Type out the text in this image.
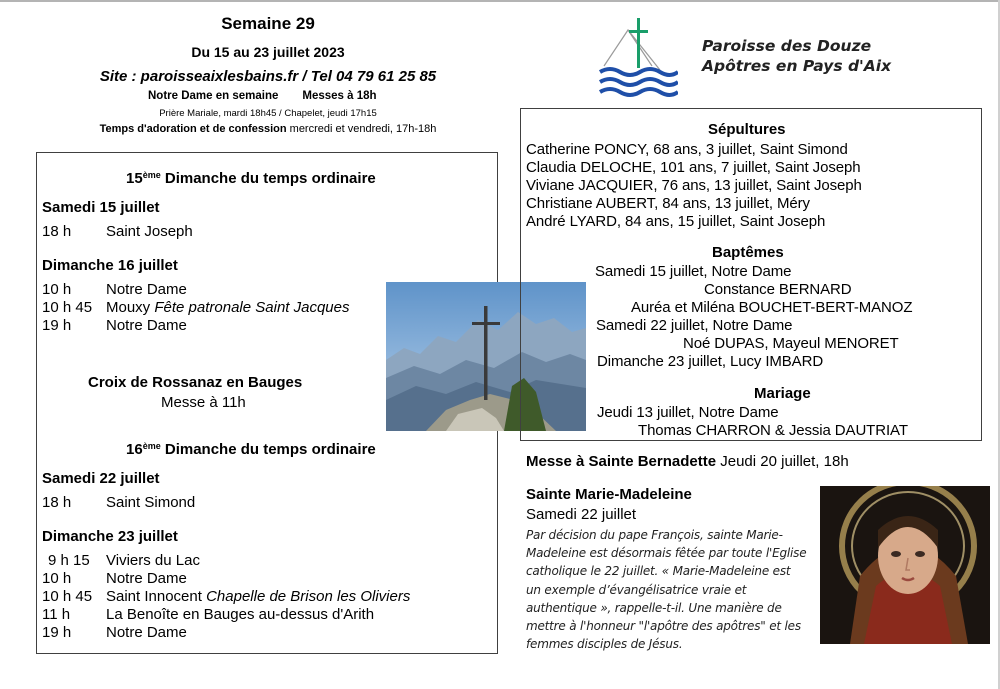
Semaine 29
Du 15 au 23 juillet 2023
Site : paroisseaixlesbains.fr / Tel 04 79 61 25 85
Notre Dame en semaine Messes à 18h
Prière Mariale, mardi 18h45 / Chapelet, jeudi 17h15
Temps d'adoration et de confession mercredi et vendredi, 17h-18h
Paroisse des Douze
Apôtres en Pays d'Aix
15ème Dimanche du temps ordinaire
Samedi 15 juillet
18 h Saint Joseph
Dimanche 16 juillet
10 h Notre Dame
10 h 45 Mouxy Fête patronale Saint Jacques
19 h Notre Dame
Croix de Rossanaz en Bauges
Messe à 11h
16ème Dimanche du temps ordinaire
Samedi 22 juillet
18 h Saint Simond
Dimanche 23 juillet
9 h 15 Viviers du Lac
10 h Notre Dame
10 h 45 Saint Innocent Chapelle de Brison les Oliviers
11 h La Benoîte en Bauges au-dessus d'Arith
19 h Notre Dame
Sépultures
Catherine PONCY, 68 ans, 3 juillet, Saint Simond
Claudia DELOCHE, 101 ans, 7 juillet, Saint Joseph
Viviane JACQUIER, 76 ans, 13 juillet, Saint Joseph
Christiane AUBERT, 84 ans, 13 juillet, Méry
André LYARD, 84 ans, 15 juillet, Saint Joseph
Baptêmes
Samedi 15 juillet, Notre Dame
Constance BERNARD
Auréa et Miléna BOUCHET-BERT-MANOZ
Samedi 22 juillet, Notre Dame
Noé DUPAS, Mayeul MENORET
Dimanche 23 juillet, Lucy IMBARD
Mariage
Jeudi 13 juillet, Notre Dame
Thomas CHARRON & Jessia DAUTRIAT
Messe à Sainte Bernadette Jeudi 20 juillet, 18h
Sainte Marie-Madeleine
Samedi 22 juillet
Par décision du pape François, sainte Marie-
Madeleine est désormais fêtée par toute l'Eglise
catholique le 22 juillet. « Marie-Madeleine est
un exemple d’évangélisatrice vraie et
authentique », rappelle-t-il. Une manière de
mettre à l'honneur "l'apôtre des apôtres" et les
femmes disciples de Jésus.
